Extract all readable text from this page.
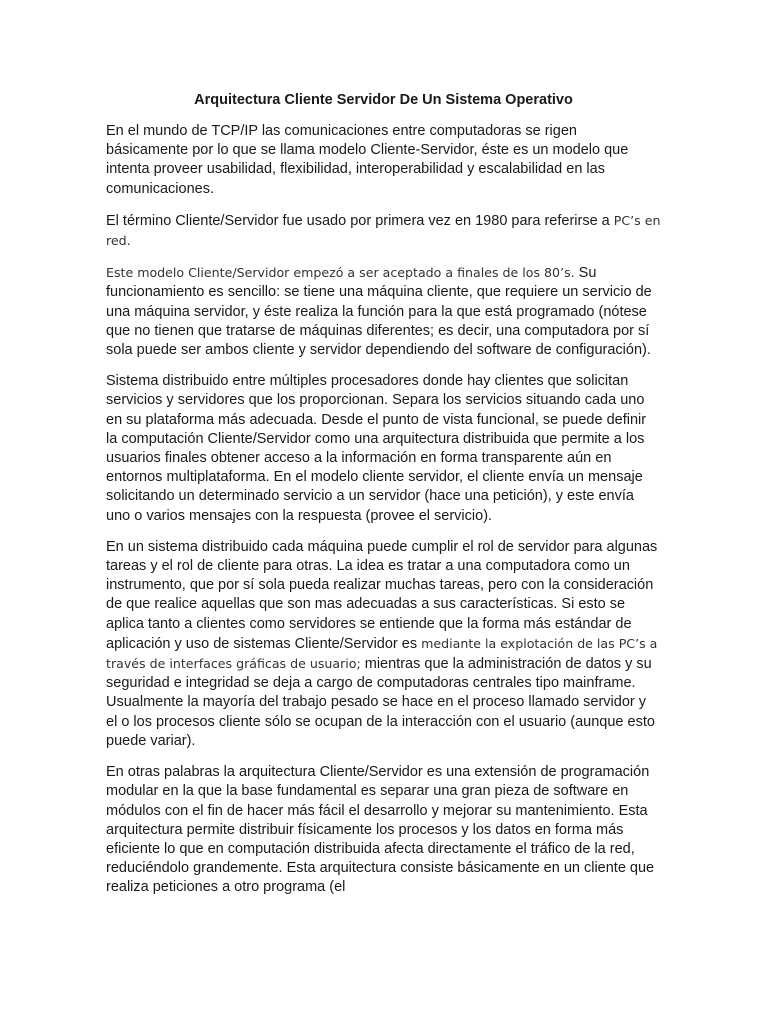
Arquitectura Cliente Servidor De Un Sistema Operativo

En el mundo de TCP/IP las comunicaciones entre computadoras se rigen básicamente por lo que se llama modelo Cliente-Servidor, éste es un modelo que intenta proveer usabilidad, flexibilidad, interoperabilidad y escalabilidad en las comunicaciones.

El término Cliente/Servidor fue usado por primera vez en 1980 para referirse a PC’s en red.

Este modelo Cliente/Servidor empezó a ser aceptado a finales de los 80’s. Su funcionamiento es sencillo: se tiene una máquina cliente, que requiere un servicio de una máquina servidor, y éste realiza la función para la que está programado (nótese que no tienen que tratarse de máquinas diferentes; es decir, una computadora por sí sola puede ser ambos cliente y servidor dependiendo del software de configuración).

Sistema distribuido entre múltiples procesadores donde hay clientes que solicitan servicios y servidores que los proporcionan. Separa los servicios situando cada uno en su plataforma más adecuada. Desde el punto de vista funcional, se puede definir la computación Cliente/Servidor como una arquitectura distribuida que permite a los usuarios finales obtener acceso a la información en forma transparente aún en entornos multiplataforma. En el modelo cliente servidor, el cliente envía un mensaje solicitando un determinado servicio a un servidor (hace una petición), y este envía uno o varios mensajes con la respuesta (provee el servicio).

En un sistema distribuido cada máquina puede cumplir el rol de servidor para algunas tareas y el rol de cliente para otras. La idea es tratar a una computadora como un instrumento, que por sí sola pueda realizar muchas tareas, pero con la consideración de que realice aquellas que son mas adecuadas a sus características. Si esto se aplica tanto a clientes como servidores se entiende que la forma más estándar de aplicación y uso de sistemas Cliente/Servidor es mediante la explotación de las PC’s a través de interfaces gráficas de usuario; mientras que la administración de datos y su seguridad e integridad se deja a cargo de computadoras centrales tipo mainframe. Usualmente la mayoría del trabajo pesado se hace en el proceso llamado servidor y el o los procesos cliente sólo se ocupan de la interacción con el usuario (aunque esto puede variar).

En otras palabras la arquitectura Cliente/Servidor es una extensión de programación modular en la que la base fundamental es separar una gran pieza de software en módulos con el fin de hacer más fácil el desarrollo y mejorar su mantenimiento. Esta arquitectura permite distribuir físicamente los procesos y los datos en forma más eficiente lo que en computación distribuida afecta directamente el tráfico de la red, reduciéndolo grandemente. Esta arquitectura consiste básicamente en un cliente que realiza peticiones a otro programa (el
